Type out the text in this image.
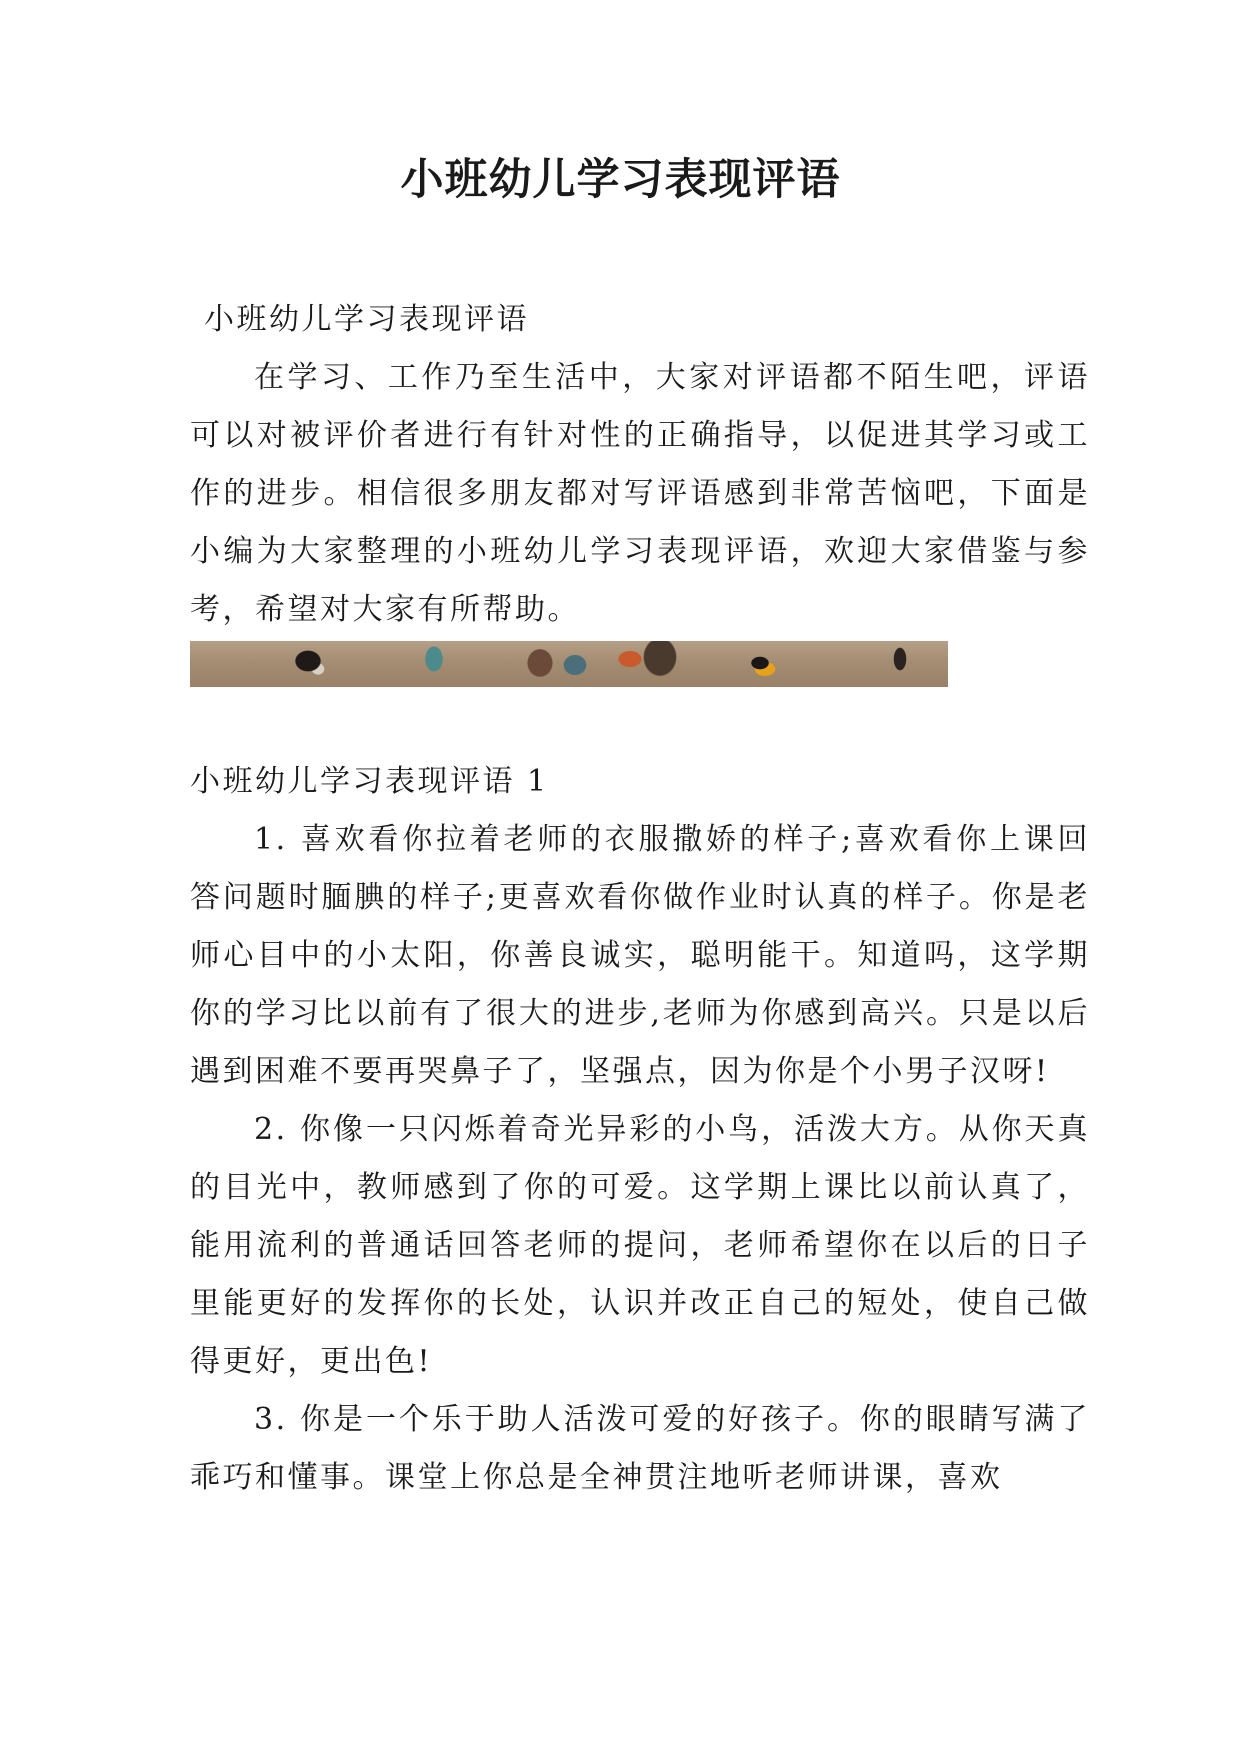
小班幼儿学习表现评语

小班幼儿学习表现评语

在学习、工作乃至生活中，大家对评语都不陌生吧，评语可以对被评价者进行有针对性的正确指导，以促进其学习或工作的进步。相信很多朋友都对写评语感到非常苦恼吧，下面是小编为大家整理的小班幼儿学习表现评语，欢迎大家借鉴与参考，希望对大家有所帮助。

小班幼儿学习表现评语 1

1. 喜欢看你拉着老师的衣服撒娇的样子;喜欢看你上课回答问题时腼腆的样子;更喜欢看你做作业时认真的样子。你是老师心目中的小太阳，你善良诚实，聪明能干。知道吗，这学期你的学习比以前有了很大的进步,老师为你感到高兴。只是以后遇到困难不要再哭鼻子了，坚强点，因为你是个小男子汉呀!

2. 你像一只闪烁着奇光异彩的小鸟，活泼大方。从你天真的目光中，教师感到了你的可爱。这学期上课比以前认真了，能用流利的普通话回答老师的提问，老师希望你在以后的日子里能更好的发挥你的长处，认识并改正自己的短处，使自己做得更好，更出色!

3. 你是一个乐于助人活泼可爱的好孩子。你的眼睛写满了乖巧和懂事。课堂上你总是全神贯注地听老师讲课，喜欢
